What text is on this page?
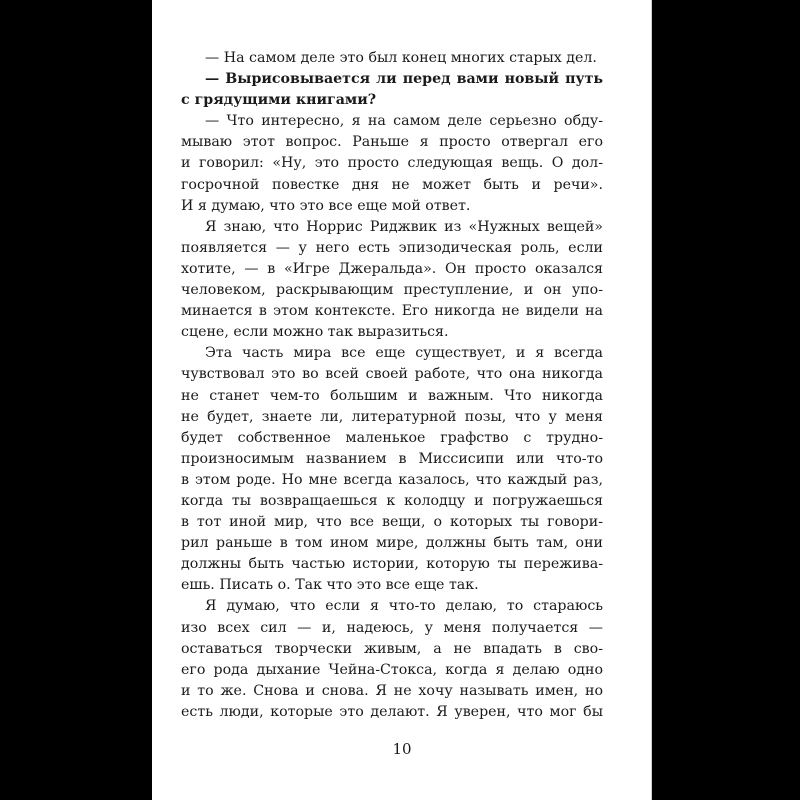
— На самом деле это был конец многих старых дел.
— Вырисовывается ли перед вами новый путь
с грядущими книгами?
— Что интересно, я на самом деле серьезно обду-
мываю этот вопрос. Раньше я просто отвергал его
и говорил: «Ну, это просто следующая вещь. О дол-
госрочной повестке дня не может быть и речи».
И я думаю, что это все еще мой ответ.
Я знаю, что Норрис Риджвик из «Нужных вещей»
появляется — у него есть эпизодическая роль, если
хотите, — в «Игре Джеральда». Он просто оказался
человеком, раскрывающим преступление, и он упо-
минается в этом контексте. Его никогда не видели на
сцене, если можно так выразиться.
Эта часть мира все еще существует, и я всегда
чувствовал это во всей своей работе, что она никогда
не станет чем-то большим и важным. Что никогда
не будет, знаете ли, литературной позы, что у меня
будет собственное маленькое графство с трудно-
произносимым названием в Миссисипи или что-то
в этом роде. Но мне всегда казалось, что каждый раз,
когда ты возвращаешься к колодцу и погружаешься
в тот иной мир, что все вещи, о которых ты говори-
рил раньше в том ином мире, должны быть там, они
должны быть частью истории, которую ты пережива-
ешь. Писать о. Так что это все еще так.
Я думаю, что если я что-то делаю, то стараюсь
изо всех сил — и, надеюсь, у меня получается —
оставаться творчески живым, а не впадать в сво-
его рода дыхание Чейна-Стокса, когда я делаю одно
и то же. Снова и снова. Я не хочу называть имен, но
есть люди, которые это делают. Я уверен, что мог бы
10
